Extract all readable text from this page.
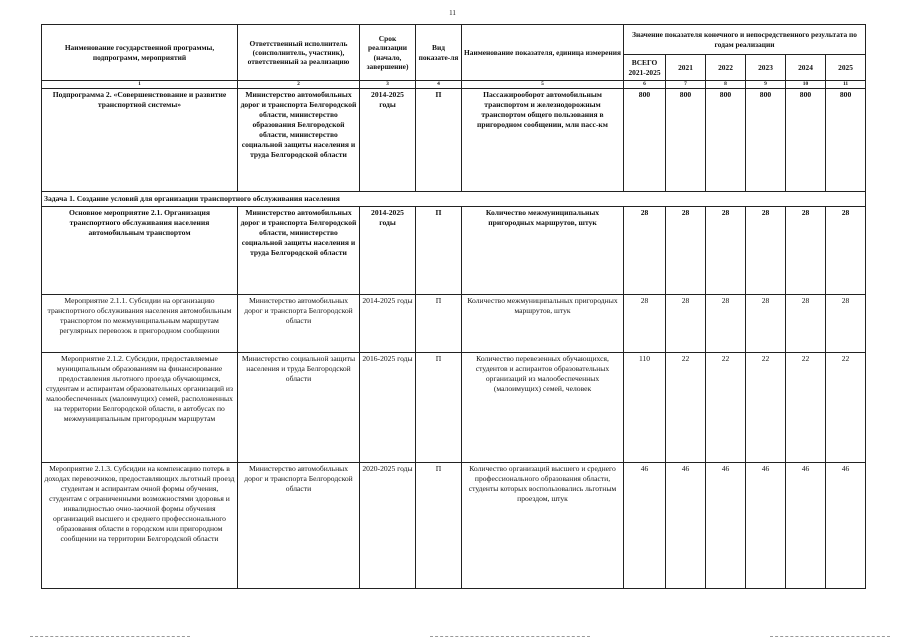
11
Наименование государственной программы, подпрограмм, мероприятий	Ответственный исполнитель (соисполнитель, участник), ответственный за реализацию	Срок реализации (начало, завершение)	Вид показате-ля	Наименование показателя, единица измерения	Значение показателя конечного и непосредственного результата по годам реализации					
					ВСЕГО 2021-2025	2021	2022	2023	2024	2025
1	2	3	4	5	6	7	8	9	10	11
Подпрограмма 2. «Совершенствование и развитие транспортной системы»	Министерство автомобильных дорог и транспорта Белгородской области, министерство образования Белгородской области, министерство социальной защиты населения и труда Белгородской области	2014-2025 годы	П	Пассажирооборот автомобильным транспортом и железнодорожным транспортом общего пользования в пригородном сообщении, млн пасс-км	800	800	800	800	800	800
Задача 1. Создание условий для организации транспортного обслуживания населения										
Основное мероприятие 2.1. Организация транспортного обслуживания населения автомобильным транспортом	Министерство автомобильных дорог и транспорта Белгородской области, министерство социальной защиты населения и труда Белгородской области	2014-2025 годы	П	Количество межмуниципальных пригородных маршрутов, штук	28	28	28	28	28	28
Мероприятие 2.1.1. Субсидии на организацию транспортного обслуживания населения автомобильным транспортом по межмуниципальным маршрутам регулярных перевозок в пригородном сообщении	Министерство автомобильных дорог и транспорта Белгородской области	2014-2025 годы	П	Количество межмуниципальных пригородных маршрутов, штук	28	28	28	28	28	28
Мероприятие 2.1.2. Субсидии, предоставляемые муниципальным образованиям на финансирование предоставления льготного проезда обучающимся, студентам и аспирантам образовательных организаций из малообеспеченных (малоимущих) семей, расположенных на территории Белгородской области, в автобусах по межмуниципальным пригородным маршрутам	Министерство социальной защиты населения и труда Белгородской области	2016-2025 годы	П	Количество перевезенных обучающихся, студентов и аспирантов образовательных организаций из малообеспеченных (малоимущих) семей, человек	110	22	22	22	22	22
Мероприятие 2.1.3. Субсидии на компенсацию потерь в доходах перевозчиков, предоставляющих льготный проезд студентам и аспирантам очной формы обучения, студентам с ограниченными возможностями здоровья и инвалидностью очно-заочной формы обучения организаций высшего и среднего профессионального образования области в городском или пригородном сообщении на территории Белгородской области	Министерство автомобильных дорог и транспорта Белгородской области	2020-2025 годы	П	Количество организаций высшего и среднего профессионального образования области, студенты которых воспользовались льготным проездом, штук	46	46	46	46	46	46
